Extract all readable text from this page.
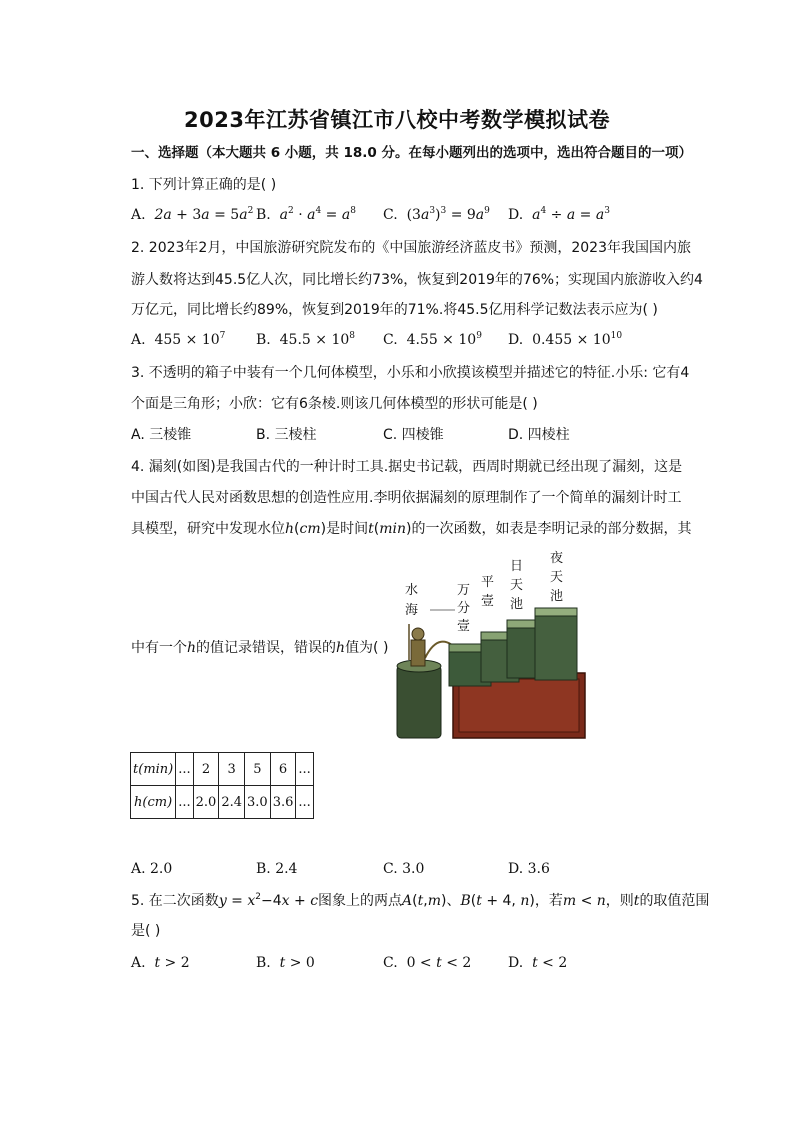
2023年江苏省镇江市八校中考数学模拟试卷
一、选择题（本大题共 6 小题，共 18.0 分。在每小题列出的选项中，选出符合题目的一项）
1. 下列计算正确的是( )
A. $2a + 3a = 5a^2$ B. $a^2 \cdot a^4 = a^8$ C.  $(3a^3)^3 = 9a^9$ D. $a^4 \div a = a^3$
2. 2023年2月，中国旅游研究院发布的《中国旅游经济蓝皮书》预测，2023年我国国内旅
游人数将达到45.5亿人次，同比增长约73%，恢复到2019年的76%；实现国内旅游收入约4
万亿元，同比增长约89%，恢复到2019年的71%.将45.5亿用科学记数法表示应为( )
A.  $455 \times 10^7$ B.  $45.5 \times 10^8$ C.  $4.55 \times 10^9$ D.  $0.455 \times 10^{10}$
3. 不透明的箱子中装有一个几何体模型，小乐和小欣摸该模型并描述它的特征.小乐: 它有4
个面是三角形；小欣：它有6条棱.则该几何体模型的形状可能是( )
A. 三棱锥	B. 三棱柱	C. 四棱锥	D. 四棱柱
4. 漏刻(如图)是我国古代的一种计时工具.据史书记载，西周时期就已经出现了漏刻，这是
中国古代人民对函数思想的创造性应用.李明依据漏刻的原理制作了一个简单的漏刻计时工
具模型，研究中发现水位h(cm)是时间t(min)的一次函数，如表是李明记录的部分数据，其
中有一个h的值记录错误，错误的h值为( )
水
海
万
分
壹
平
壹
日
天
池
夜
天
池
t(min)	...	2	3	5	6	...
h(cm)	...	2.0	2.4	3.0	3.6	...
A. 2.0	B. 2.4	C. 3.0	D. 3.6
5. 在二次函数$y = x^2-4x + c$图象上的两点A(t,m)、B(t + 4, n)，若m < n，则t的取值范围
是( )
A.  t > 2	B.  t > 0	C.  0 < t < 2	D.  t < 2
